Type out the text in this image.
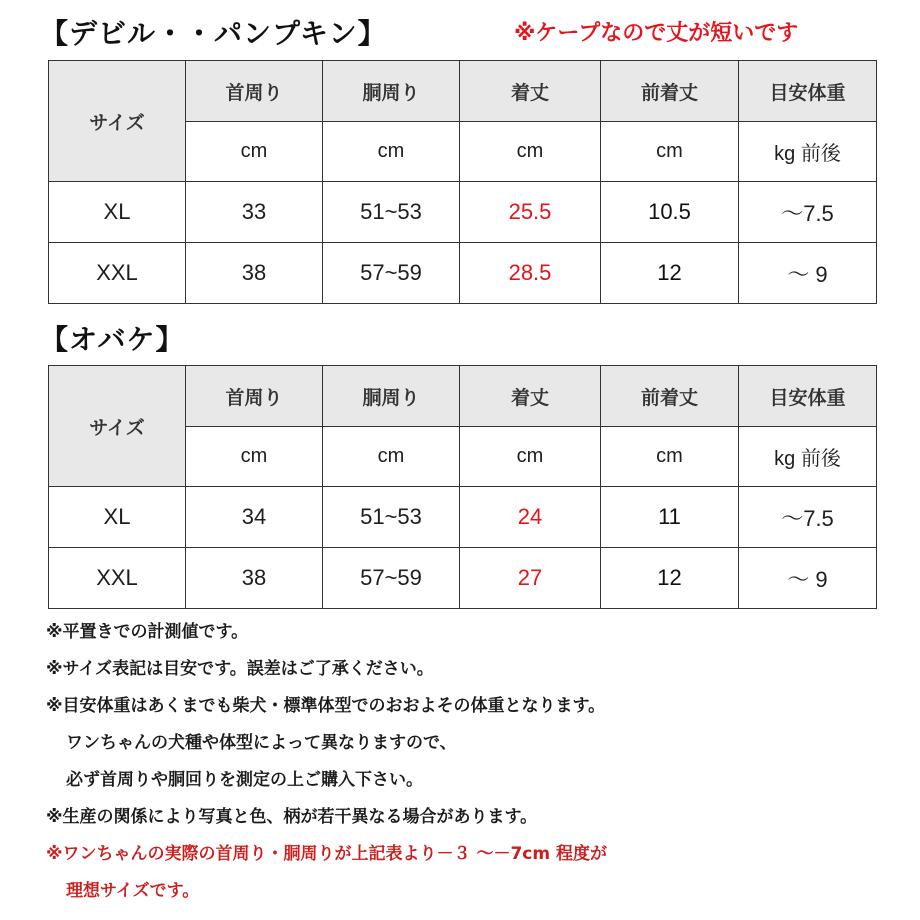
【デビル・・パンプキン】	※ケープなので丈が短いです
サイズ	首周り	胴周り	着丈	前着丈	目安体重
	cm	cm	cm	cm	kg 前後
XL	33	51~53	25.5	10.5	〜7.5
XXL	38	57~59	28.5	12	〜 9
【オバケ】
サイズ	首周り	胴周り	着丈	前着丈	目安体重
	cm	cm	cm	cm	kg 前後
XL	34	51~53	24	11	〜7.5
XXL	38	57~59	27	12	〜 9
※平置きでの計測値です。
※サイズ表記は目安です。誤差はご了承ください。
※目安体重はあくまでも柴犬・標準体型でのおおよその体重となります。
ワンちゃんの犬種や体型によって異なりますので、
必ず首周りや胴回りを測定の上ご購入下さい。
※生産の関係により写真と色、柄が若干異なる場合があります。
※ワンちゃんの実際の首周り・胴周りが上記表より－３ 〜－7cm 程度が
理想サイズです。
